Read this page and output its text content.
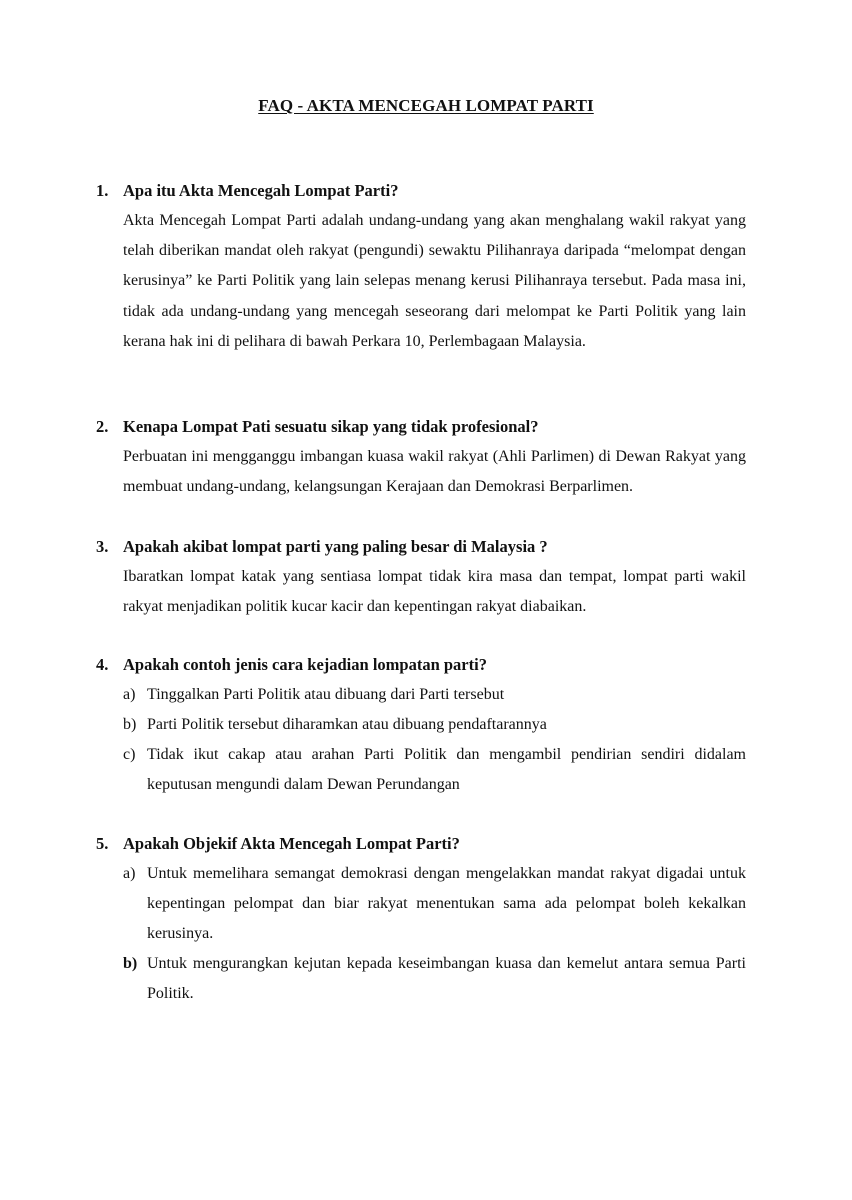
FAQ - AKTA MENCEGAH LOMPAT PARTI
1. Apa itu Akta Mencegah Lompat Parti?
Akta Mencegah Lompat Parti adalah undang-undang yang akan menghalang wakil rakyat yang telah diberikan mandat oleh rakyat (pengundi) sewaktu Pilihanraya daripada “melompat dengan kerusinya” ke Parti Politik yang lain selepas menang kerusi Pilihanraya tersebut. Pada masa ini, tidak ada undang-undang yang mencegah seseorang dari melompat ke Parti Politik yang lain kerana hak ini di pelihara di bawah Perkara 10, Perlembagaan Malaysia.
2. Kenapa Lompat Pati sesuatu sikap yang tidak profesional?
Perbuatan ini mengganggu imbangan kuasa wakil rakyat (Ahli Parlimen) di Dewan Rakyat yang membuat undang-undang, kelangsungan Kerajaan dan Demokrasi Berparlimen.
3. Apakah akibat lompat parti yang paling besar di Malaysia ?
Ibaratkan lompat katak yang sentiasa lompat tidak kira masa dan tempat, lompat parti wakil rakyat menjadikan politik kucar kacir dan kepentingan rakyat diabaikan.
4. Apakah contoh jenis cara kejadian lompatan parti?
a) Tinggalkan Parti Politik atau dibuang dari Parti tersebut
b) Parti Politik tersebut diharamkan atau dibuang pendaftarannya
c) Tidak ikut cakap atau arahan Parti Politik dan mengambil pendirian sendiri didalam keputusan mengundi dalam Dewan Perundangan
5. Apakah Objekif Akta Mencegah Lompat Parti?
a) Untuk memelihara semangat demokrasi dengan mengelakkan mandat rakyat digadai untuk kepentingan pelompat dan biar rakyat menentukan sama ada pelompat boleh kekalkan kerusinya.
b) Untuk mengurangkan kejutan kepada keseimbangan kuasa dan kemelut antara semua Parti Politik.
